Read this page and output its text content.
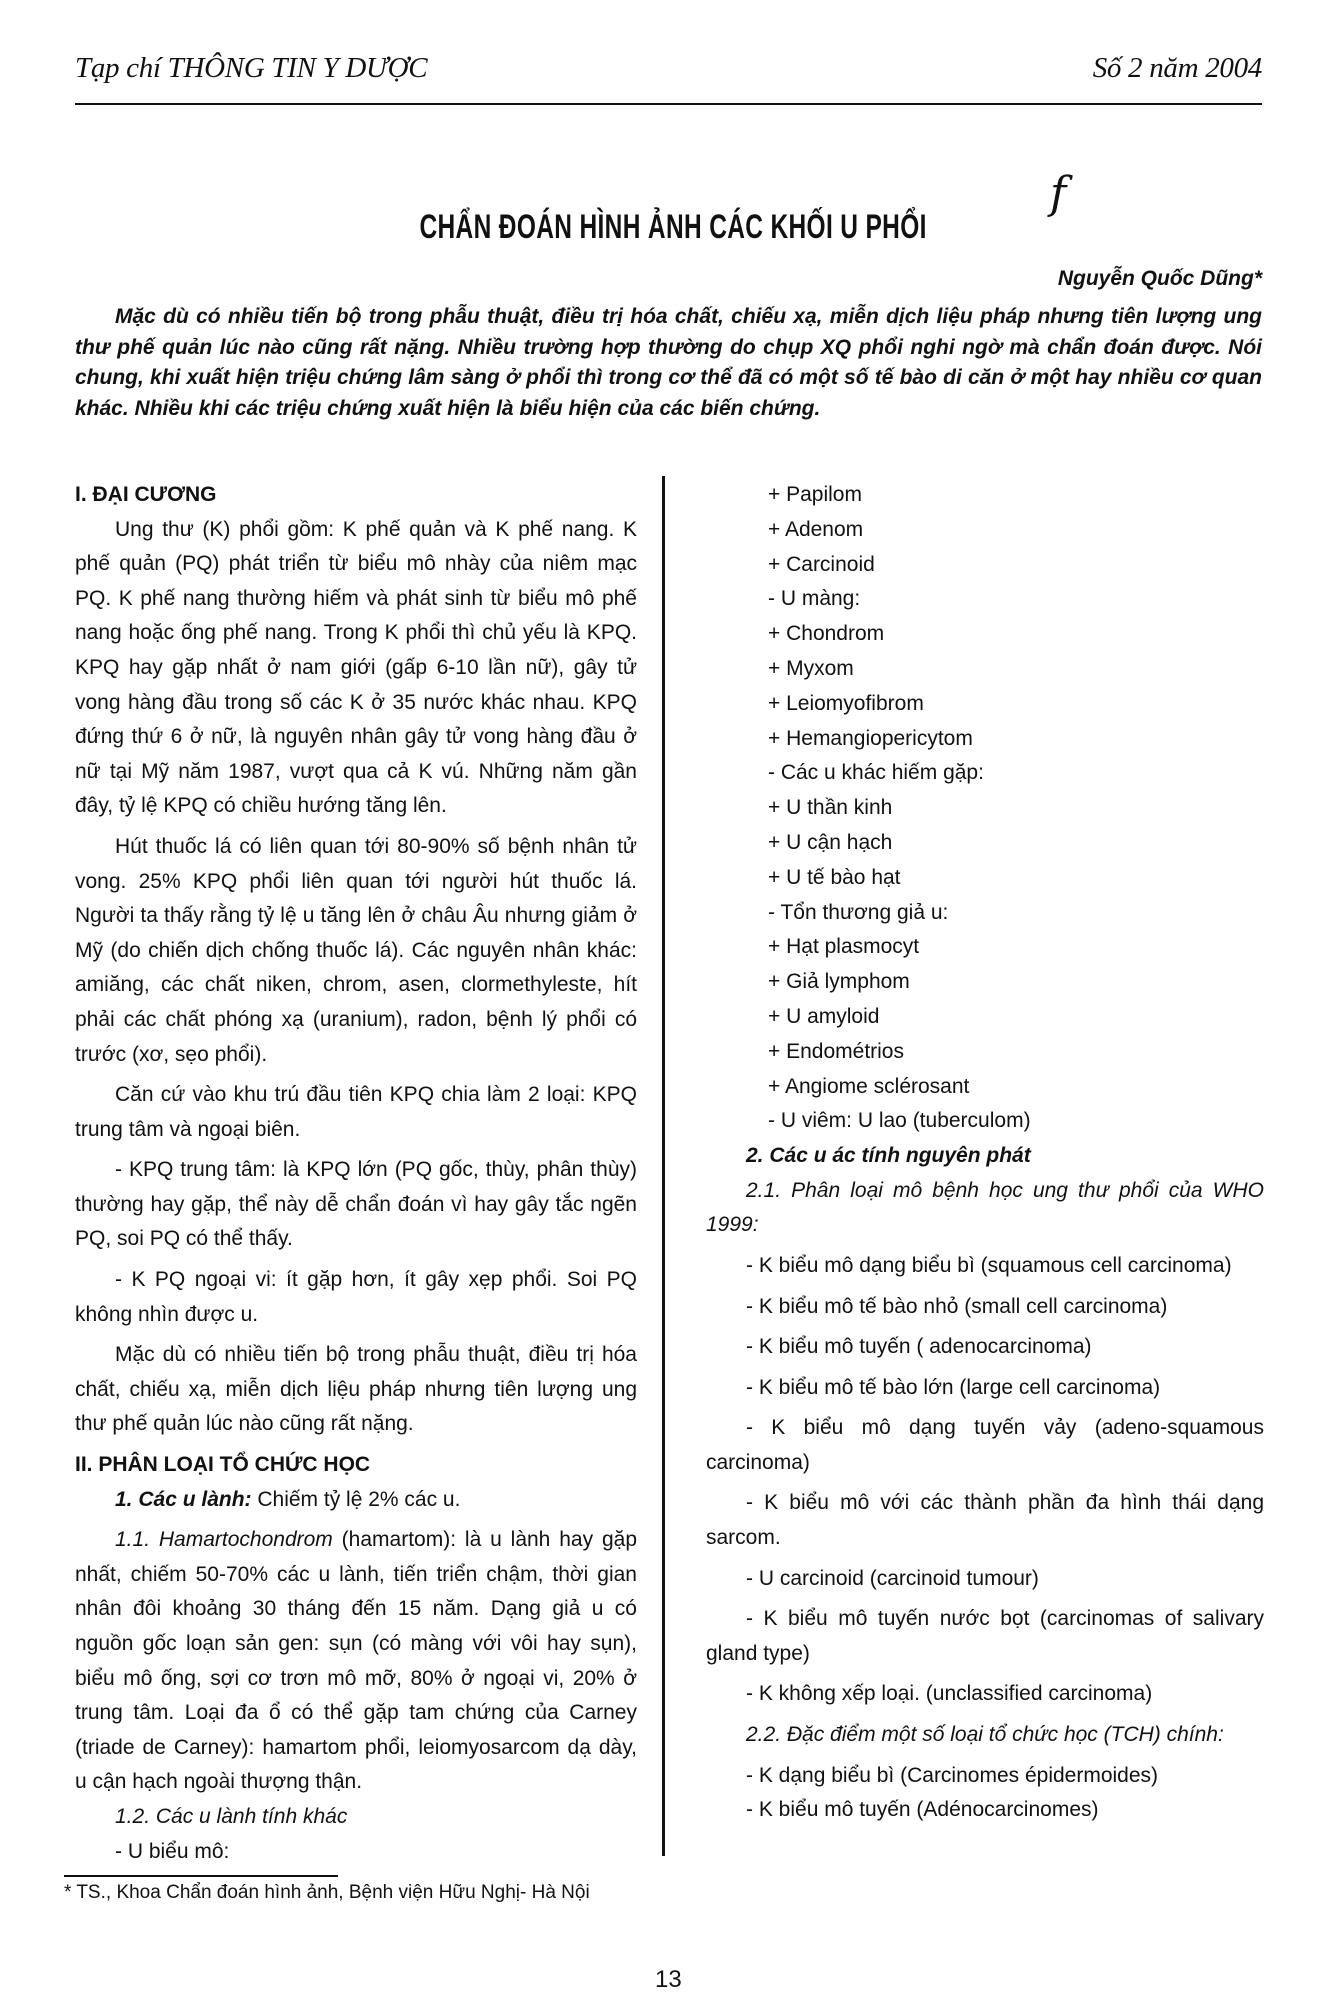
Tạp chí THÔNG TIN Y DƯỢC	Số 2 năm 2004
f
CHẨN ĐOÁN HÌNH ẢNH CÁC KHỐI U PHỔI
Nguyễn Quốc Dũng*

Mặc dù có nhiều tiến bộ trong phẫu thuật, điều trị hóa chất, chiếu xạ, miễn dịch liệu pháp nhưng tiên lượng ung thư phế quản lúc nào cũng rất nặng. Nhiều trường hợp thường do chụp XQ phổi nghi ngờ mà chẩn đoán được. Nói chung, khi xuất hiện triệu chứng lâm sàng ở phổi thì trong cơ thể đã có một số tế bào di căn ở một hay nhiều cơ quan khác. Nhiều khi các triệu chứng xuất hiện là biểu hiện của các biến chứng.

I. ĐẠI CƯƠNG

Ung thư (K) phổi gồm: K phế quản và K phế nang. K phế quản (PQ) phát triển từ biểu mô nhày của niêm mạc PQ. K phế nang thường hiếm và phát sinh từ biểu mô phế nang hoặc ống phế nang. Trong K phổi thì chủ yếu là KPQ. KPQ hay gặp nhất ở nam giới (gấp 6-10 lần nữ), gây tử vong hàng đầu trong số các K ở 35 nước khác nhau. KPQ đứng thứ 6 ở nữ, là nguyên nhân gây tử vong hàng đầu ở nữ tại Mỹ năm 1987, vượt qua cả K vú. Những năm gần đây, tỷ lệ KPQ có chiều hướng tăng lên.

Hút thuốc lá có liên quan tới 80-90% số bệnh nhân tử vong. 25% KPQ phổi liên quan tới người hút thuốc lá. Người ta thấy rằng tỷ lệ u tăng lên ở châu Âu nhưng giảm ở Mỹ (do chiến dịch chống thuốc lá). Các nguyên nhân khác: amiăng, các chất niken, chrom, asen, clormethyleste, hít phải các chất phóng xạ (uranium), radon, bệnh lý phổi có trước (xơ, sẹo phổi).

Căn cứ vào khu trú đầu tiên KPQ chia làm 2 loại: KPQ trung tâm và ngoại biên.

- KPQ trung tâm: là KPQ lớn (PQ gốc, thùy, phân thùy) thường hay gặp, thể này dễ chẩn đoán vì hay gây tắc ngẽn PQ, soi PQ có thể thấy.

- K PQ ngoại vi: ít gặp hơn, ít gây xẹp phổi. Soi PQ không nhìn được u.

Mặc dù có nhiều tiến bộ trong phẫu thuật, điều trị hóa chất, chiếu xạ, miễn dịch liệu pháp nhưng tiên lượng ung thư phế quản lúc nào cũng rất nặng.

II. PHÂN LOẠI TỔ CHỨC HỌC

1. Các u lành: Chiếm tỷ lệ 2% các u.

1.1. Hamartochondrom (hamartom): là u lành hay gặp nhất, chiếm 50-70% các u lành, tiến triển chậm, thời gian nhân đôi khoảng 30 tháng đến 15 năm. Dạng giả u có nguồn gốc loạn sản gen: sụn (có màng với vôi hay sụn), biểu mô ống, sợi cơ trơn mô mỡ, 80% ở ngoại vi, 20% ở trung tâm. Loại đa ổ có thể gặp tam chứng của Carney (triade de Carney): hamartom phổi, leiomyosarcom dạ dày, u cận hạch ngoài thượng thận.

1.2. Các u lành tính khác

- U biểu mô:

+ Papilom

+ Adenom

+ Carcinoid

- U màng:

+ Chondrom

+ Myxom

+ Leiomyofibrom

+ Hemangiopericytom

- Các u khác hiếm gặp:

+ U thần kinh

+ U cận hạch

+ U tế bào hạt

- Tổn thương giả u:

+ Hạt plasmocyt

+ Giả lymphom

+ U amyloid

+ Endométrios

+ Angiome sclérosant

- U viêm: U lao (tuberculom)

2. Các u ác tính nguyên phát

2.1. Phân loại mô bệnh học ung thư phổi của WHO 1999:

- K biểu mô dạng biểu bì (squamous cell carcinoma)

- K biểu mô tế bào nhỏ (small cell carcinoma)

- K biểu mô tuyến ( adenocarcinoma)

- K biểu mô tế bào lớn (large cell carcinoma)

- K biểu mô dạng tuyến vảy (adeno-squamous carcinoma)

- K biểu mô với các thành phần đa hình thái dạng sarcom.

- U carcinoid (carcinoid tumour)

- K biểu mô tuyến nước bọt (carcinomas of salivary gland type)

- K không xếp loại. (unclassified carcinoma)

2.2. Đặc điểm một số loại tổ chức học (TCH) chính:

- K dạng biểu bì (Carcinomes épidermoides)

- K biểu mô tuyến (Adénocarcinomes)

* TS., Khoa Chẩn đoán hình ảnh, Bệnh viện Hữu Nghị- Hà Nội
13
